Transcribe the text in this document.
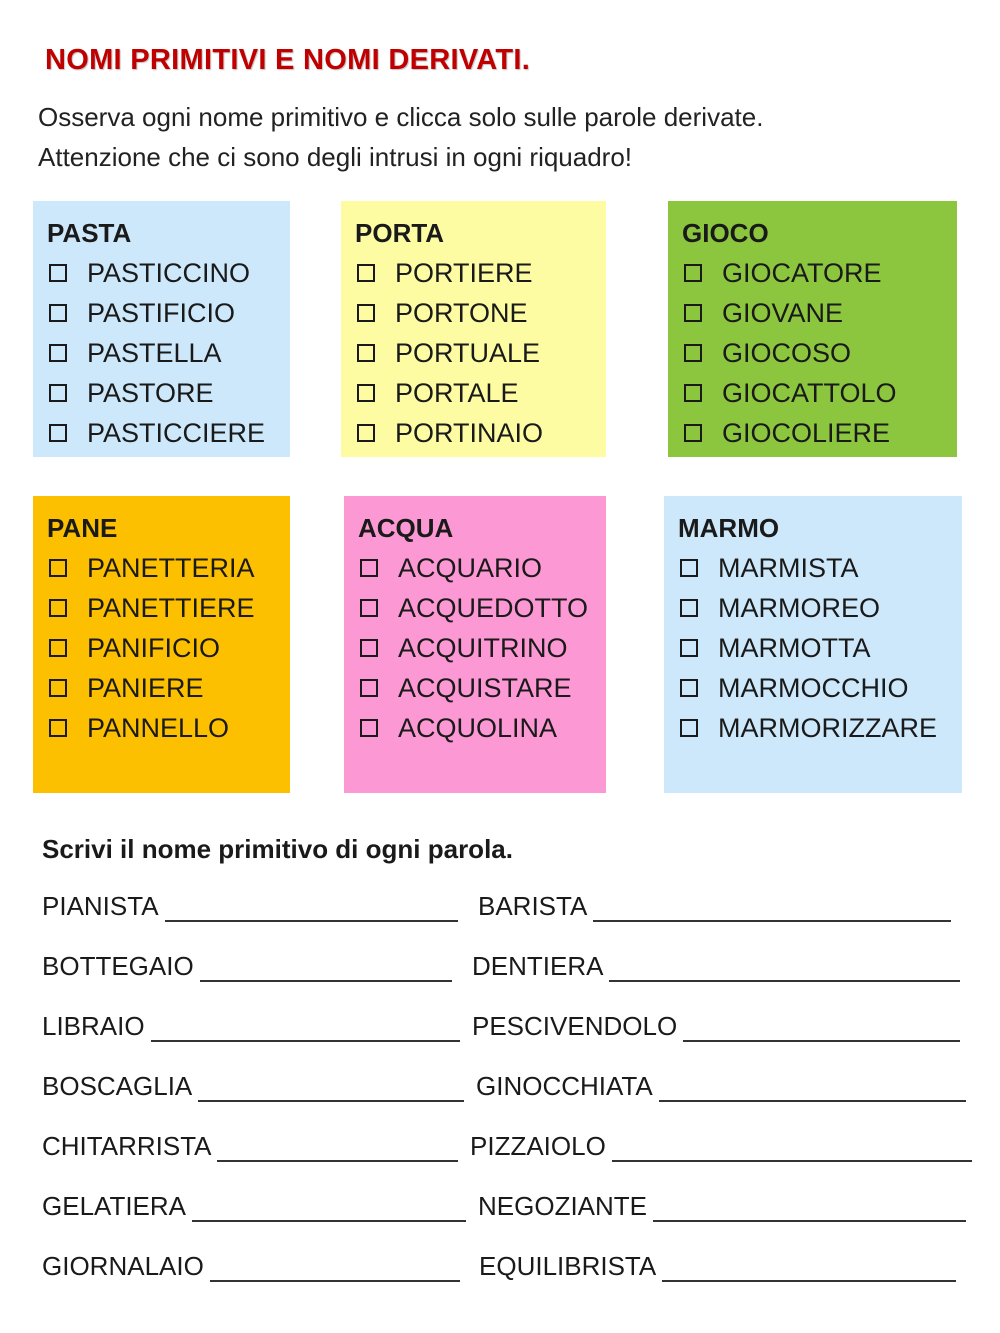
NOMI PRIMITIVI E NOMI DERIVATI.
Osserva ogni nome primitivo e clicca solo sulle parole derivate.
Attenzione che ci sono degli intrusi in ogni riquadro!
PASTA
PASTICCINO
PASTIFICIO
PASTELLA
PASTORE
PASTICCIERE
PORTA
PORTIERE
PORTONE
PORTUALE
PORTALE
PORTINAIO
GIOCO
GIOCATORE
GIOVANE
GIOCOSO
GIOCATTOLO
GIOCOLIERE
PANE
PANETTERIA
PANETTIERE
PANIFICIO
PANIERE
PANNELLO
ACQUA
ACQUARIO
ACQUEDOTTO
ACQUITRINO
ACQUISTARE
ACQUOLINA
MARMO
MARMISTA
MARMOREO
MARMOTTA
MARMOCCHIO
MARMORIZZARE
Scrivi il nome primitivo di ogni parola.
PIANISTA
BOTTEGAIO
LIBRAIO
BOSCAGLIA
CHITARRISTA
GELATIERA
GIORNALAIO
BARISTA
DENTIERA
PESCIVENDOLO
GINOCCHIATA
PIZZAIOLO
NEGOZIANTE
EQUILIBRISTA
